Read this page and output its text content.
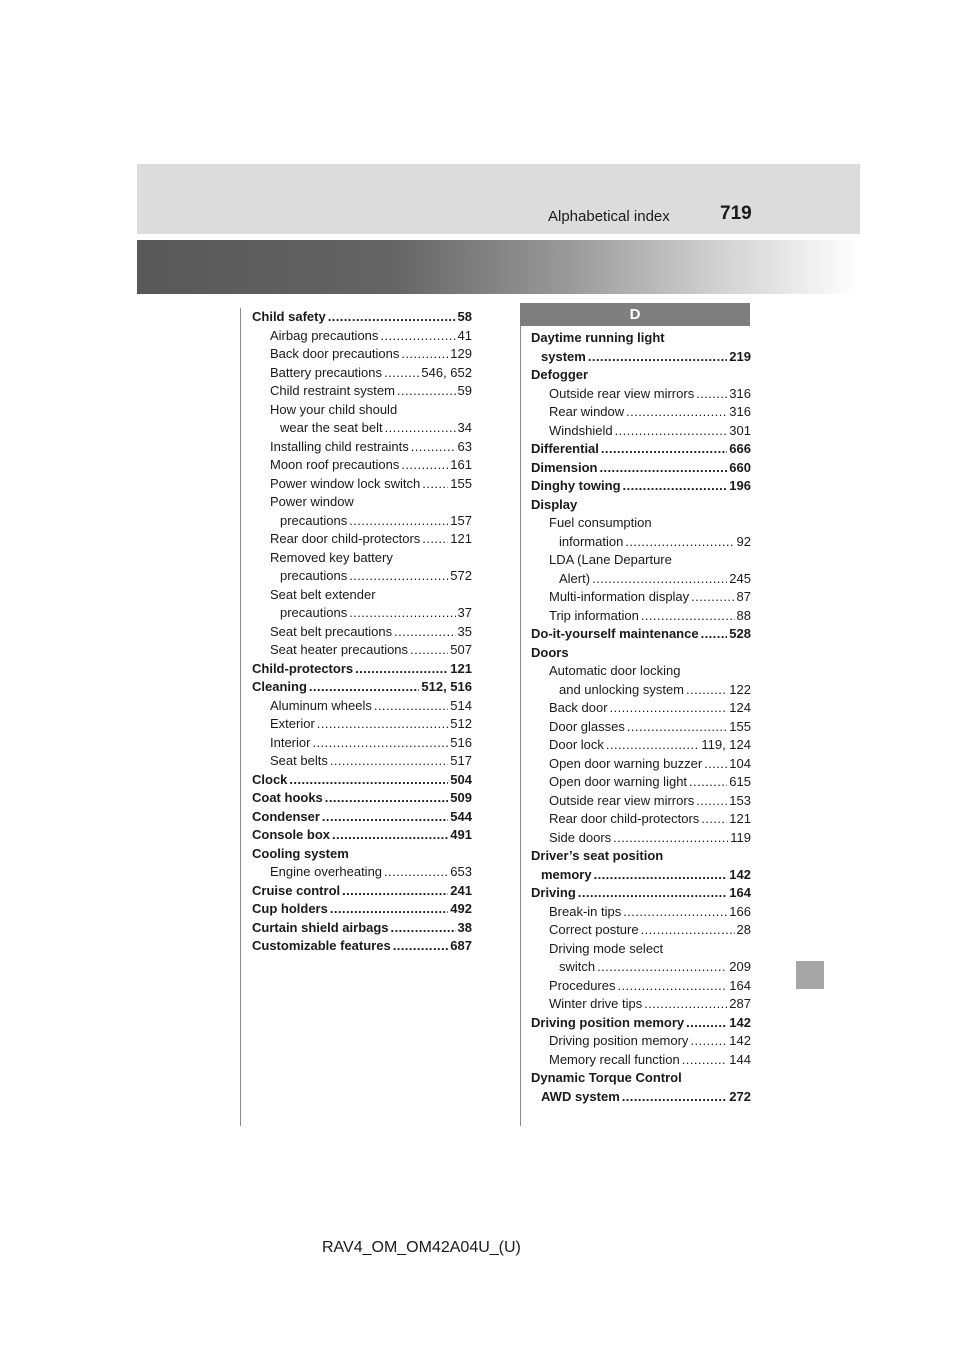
Alphabetical index	719
D
Child safety . . .	58
Airbag precautions . . .	41
Back door precautions . . .	129
Battery precautions . . .	546, 652
Child restraint system . . .	59
How your child should
wear the seat belt . . .	34
Installing child restraints . . .	63
Moon roof precautions . . .	161
Power window lock switch . . . 155
Power window
precautions . . .	157
Rear door child-protectors . . . 121
Removed key battery
precautions . . .	572
Seat belt extender
precautions . . .	37
Seat belt precautions . . .	35
Seat heater precautions . . .	507
Child-protectors . . .	121
Cleaning . . .	512, 516
Aluminum wheels . . .	514
Exterior . . .	512
Interior . . .	516
Seat belts . . .	517
Clock . . .	504
Coat hooks . . .	509
Condenser . . .	544
Console box . . .	491
Cooling system
Engine overheating . . .	653
Cruise control . . .	241
Cup holders . . .	492
Curtain shield airbags . . .	38
Customizable features . . .	687
Daytime running light
system . . .	219
Defogger
Outside rear view mirrors . . .	316
Rear window . . .	316
Windshield . . .	301
Differential . . .	666
Dimension . . .	660
Dinghy towing . . .	196
Display
Fuel consumption
information . . .	92
LDA (Lane Departure
Alert) . . .	245
Multi-information display . . .	87
Trip information . . .	88
Do-it-yourself maintenance . . . 528
Doors
Automatic door locking
and unlocking system . . .	122
Back door . . .	124
Door glasses . . .	155
Door lock . . .	119, 124
Open door warning buzzer . . . 104
Open door warning light . . .	615
Outside rear view mirrors . . .	153
Rear door child-protectors . . . 121
Side doors . . .	119
Driver’s seat position
memory . . .	142
Driving . . .	164
Break-in tips . . .	166
Correct posture . . .	28
Driving mode select
switch . . .	209
Procedures . . .	164
Winter drive tips . . .	287
Driving position memory . . .	142
Driving position memory . . .	142
Memory recall function . . .	144
Dynamic Torque Control
AWD system . . .	272
RAV4_OM_OM42A04U_(U)
